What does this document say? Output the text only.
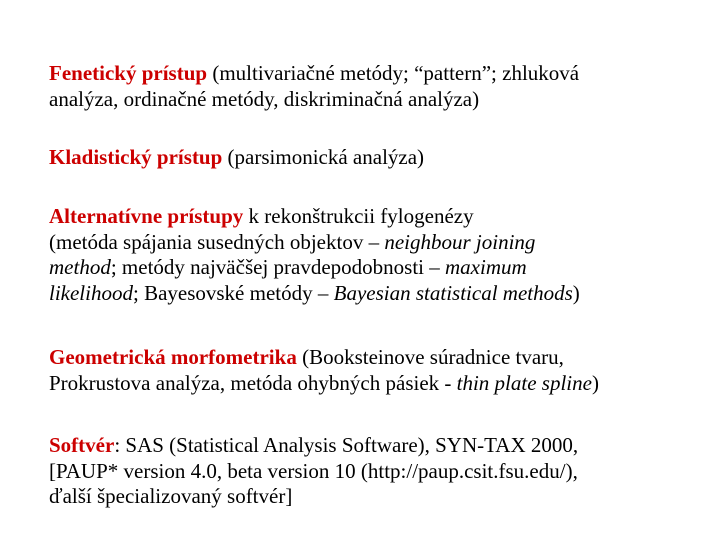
Fenetický prístup (multivariačné metódy; “pattern”; zhluková
analýza, ordinačné metódy, diskriminačná analýza)

Kladistický prístup (parsimonická analýza)

Alternatívne prístupy k rekonštrukcii fylogenézy
(metóda spájania susedných objektov – neighbour joining
method; metódy najväčšej pravdepodobnosti – maximum
likelihood; Bayesovské metódy – Bayesian statistical methods)

Geometrická morfometrika (Booksteinove súradnice tvaru,
Prokrustova analýza, metóda ohybných pásiek - thin plate spline)

Softvér: SAS (Statistical Analysis Software), SYN-TAX 2000,
[PAUP* version 4.0, beta version 10 (http://paup.csit.fsu.edu/),
ďalší špecializovaný softvér]
